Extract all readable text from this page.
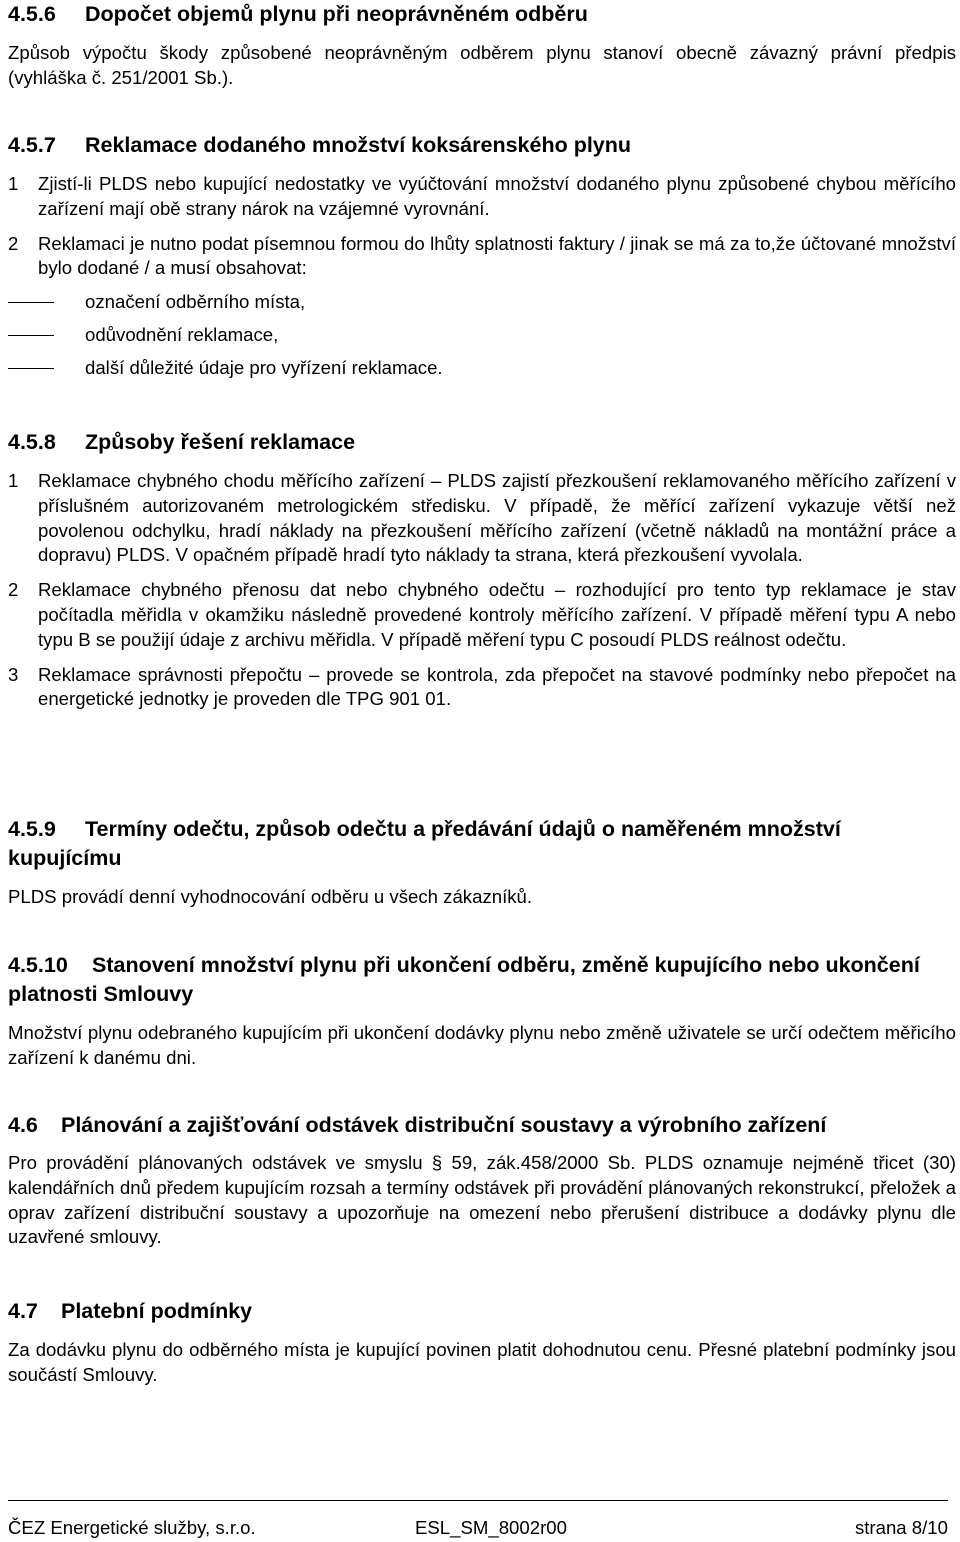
4.5.6 Dopočet objemů plynu při neoprávněném odběru

Způsob výpočtu škody způsobené neoprávněným odběrem plynu stanoví obecně závazný právní předpis (vyhláška č. 251/2001 Sb.).

4.5.7 Reklamace dodaného množství koksárenského plynu
1 Zjistí-li PLDS nebo kupující nedostatky ve vyúčtování množství dodaného plynu způsobené chybou měřícího zařízení mají obě strany nárok na vzájemné vyrovnání.
2 Reklamaci je nutno podat písemnou formou do lhůty splatnosti faktury / jinak se má za to,že účtované množství bylo dodané / a musí obsahovat:
označení odběrního místa,
odůvodnění reklamace,
další důležité údaje pro vyřízení reklamace.
4.5.8 Způsoby řešení reklamace
1 Reklamace chybného chodu měřícího zařízení – PLDS zajistí přezkoušení reklamovaného měřícího zařízení v příslušném autorizovaném metrologickém středisku. V případě, že měřící zařízení vykazuje větší než povolenou odchylku, hradí náklady na přezkoušení měřícího zařízení (včetně nákladů na montážní práce a dopravu) PLDS. V opačném případě hradí tyto náklady ta strana, která přezkoušení vyvolala.
2 Reklamace chybného přenosu dat nebo chybného odečtu – rozhodující pro tento typ reklamace je stav počítadla měřidla v okamžiku následně provedené kontroly měřícího zařízení. V případě měření typu A nebo typu B se použijí údaje z archivu měřidla. V případě měření typu C posoudí PLDS reálnost odečtu.
3 Reklamace správnosti přepočtu – provede se kontrola, zda přepočet na stavové podmínky nebo přepočet na energetické jednotky je proveden dle TPG 901 01.
4.5.9 Termíny odečtu, způsob odečtu a předávání údajů o naměřeném množství kupujícímu

PLDS provádí denní vyhodnocování odběru u všech zákazníků.

4.5.10 Stanovení množství plynu při ukončení odběru, změně kupujícího nebo ukončení platnosti Smlouvy

Množství plynu odebraného kupujícím při ukončení dodávky plynu nebo změně uživatele se určí odečtem měřicího zařízení k danému dni.

4.6 Plánování a zajišťování odstávek distribuční soustavy a výrobního zařízení

Pro provádění plánovaných odstávek ve smyslu § 59, zák.458/2000 Sb. PLDS oznamuje nejméně třicet (30) kalendářních dnů předem kupujícím rozsah a termíny odstávek při provádění plánovaných rekonstrukcí, přeložek a oprav zařízení distribuční soustavy a upozorňuje na omezení nebo přerušení distribuce a dodávky plynu dle uzavřené smlouvy.

4.7 Platební podmínky

Za dodávku plynu do odběrného místa je kupující povinen platit dohodnutou cenu. Přesné platební podmínky jsou součástí Smlouvy.

ČEZ Energetické služby, s.r.o.	ESL_SM_8002r00	strana 8/10
